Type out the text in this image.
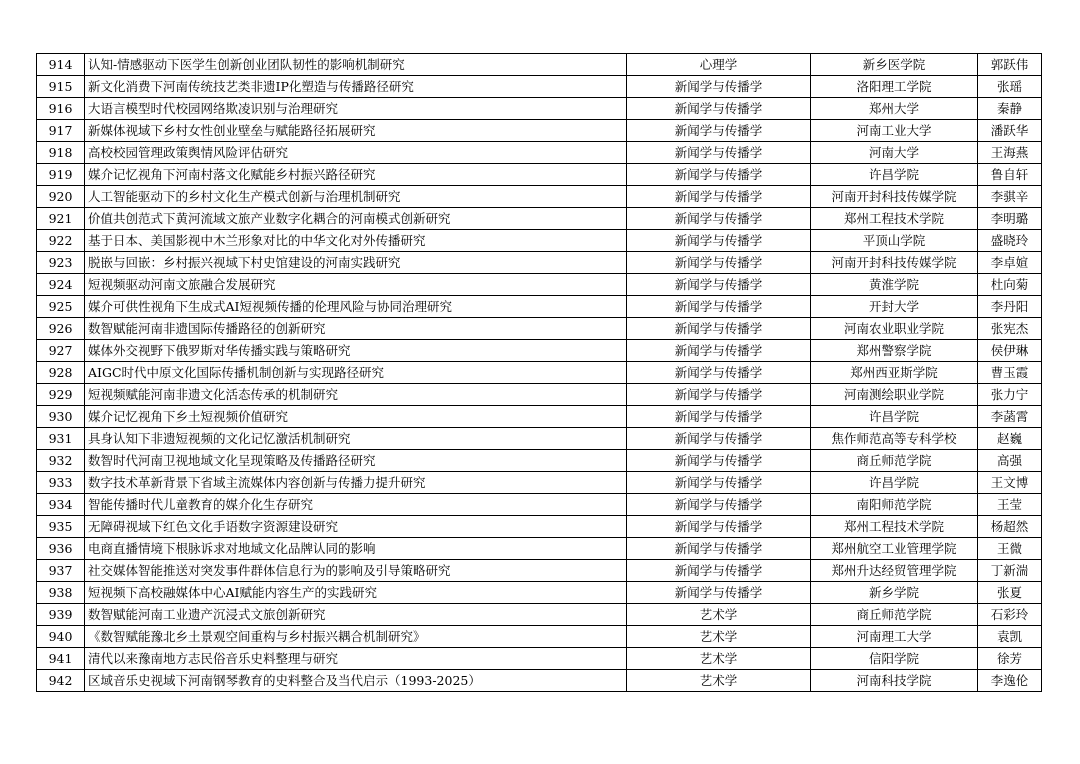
914	认知-情感驱动下医学生创新创业团队韧性的影响机制研究	心理学	新乡医学院	郭跃伟
915	新文化消费下河南传统技艺类非遗IP化塑造与传播路径研究	新闻学与传播学	洛阳理工学院	张瑶
916	大语言模型时代校园网络欺凌识别与治理研究	新闻学与传播学	郑州大学	秦静
917	新媒体视域下乡村女性创业壁垒与赋能路径拓展研究	新闻学与传播学	河南工业大学	潘跃华
918	高校校园管理政策舆情风险评估研究	新闻学与传播学	河南大学	王海燕
919	媒介记忆视角下河南村落文化赋能乡村振兴路径研究	新闻学与传播学	许昌学院	鲁自轩
920	人工智能驱动下的乡村文化生产模式创新与治理机制研究	新闻学与传播学	河南开封科技传媒学院	李骐辛
921	价值共创范式下黄河流域文旅产业数字化耦合的河南模式创新研究	新闻学与传播学	郑州工程技术学院	李明璐
922	基于日本、美国影视中木兰形象对比的中华文化对外传播研究	新闻学与传播学	平顶山学院	盛晓玲
923	脱嵌与回嵌：乡村振兴视域下村史馆建设的河南实践研究	新闻学与传播学	河南开封科技传媒学院	李卓媗
924	短视频驱动河南文旅融合发展研究	新闻学与传播学	黄淮学院	杜向菊
925	媒介可供性视角下生成式AI短视频传播的伦理风险与协同治理研究	新闻学与传播学	开封大学	李丹阳
926	数智赋能河南非遗国际传播路径的创新研究	新闻学与传播学	河南农业职业学院	张宪杰
927	媒体外交视野下俄罗斯对华传播实践与策略研究	新闻学与传播学	郑州警察学院	侯伊琳
928	AIGC时代中原文化国际传播机制创新与实现路径研究	新闻学与传播学	郑州西亚斯学院	曹玉霞
929	短视频赋能河南非遗文化活态传承的机制研究	新闻学与传播学	河南测绘职业学院	张力宁
930	媒介记忆视角下乡土短视频价值研究	新闻学与传播学	许昌学院	李菡霄
931	具身认知下非遗短视频的文化记忆激活机制研究	新闻学与传播学	焦作师范高等专科学校	赵巍
932	数智时代河南卫视地域文化呈现策略及传播路径研究	新闻学与传播学	商丘师范学院	高强
933	数字技术革新背景下省域主流媒体内容创新与传播力提升研究	新闻学与传播学	许昌学院	王文博
934	智能传播时代儿童教育的媒介化生存研究	新闻学与传播学	南阳师范学院	王莹
935	无障碍视域下红色文化手语数字资源建设研究	新闻学与传播学	郑州工程技术学院	杨超然
936	电商直播情境下根脉诉求对地域文化品牌认同的影响	新闻学与传播学	郑州航空工业管理学院	王微
937	社交媒体智能推送对突发事件群体信息行为的影响及引导策略研究	新闻学与传播学	郑州升达经贸管理学院	丁新湍
938	短视频下高校融媒体中心AI赋能内容生产的实践研究	新闻学与传播学	新乡学院	张夏
939	数智赋能河南工业遗产沉浸式文旅创新研究	艺术学	商丘师范学院	石彩玲
940	《数智赋能豫北乡土景观空间重构与乡村振兴耦合机制研究》	艺术学	河南理工大学	袁凯
941	清代以来豫南地方志民俗音乐史料整理与研究	艺术学	信阳学院	徐芳
942	区域音乐史视域下河南钢琴教育的史料整合及当代启示（1993-2025）	艺术学	河南科技学院	李逸伦
